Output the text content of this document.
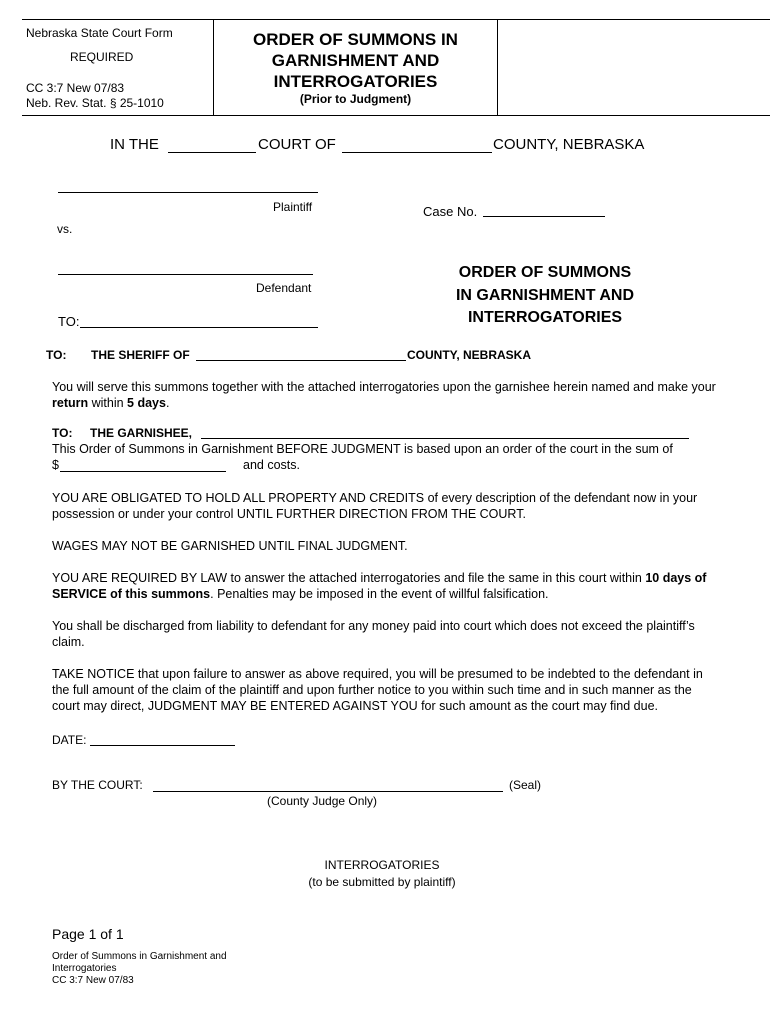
Nebraska State Court Form
REQUIRED
CC 3:7 New 07/83
Neb. Rev. Stat. § 25-1010
ORDER OF SUMMONS IN
GARNISHMENT AND
INTERROGATORIES
(Prior to Judgment)
IN THE	COURT OF	COUNTY, NEBRASKA
Plaintiff
vs.
Defendant
TO:
Case No.
ORDER OF SUMMONS
IN GARNISHMENT AND
INTERROGATORIES
TO: THE SHERIFF OF	COUNTY, NEBRASKA
You will serve this summons together with the attached interrogatories upon the garnishee herein named and make your return within 5 days.
TO: THE GARNISHEE,
This Order of Summons in Garnishment BEFORE JUDGMENT is based upon an order of the court in the sum of
$	and costs.
YOU ARE OBLIGATED TO HOLD ALL PROPERTY AND CREDITS of every description of the defendant now in your possession or under your control UNTIL FURTHER DIRECTION FROM THE COURT.
WAGES MAY NOT BE GARNISHED UNTIL FINAL JUDGMENT.
YOU ARE REQUIRED BY LAW to answer the attached interrogatories and file the same in this court within 10 days of SERVICE of this summons. Penalties may be imposed in the event of willful falsification.
You shall be discharged from liability to defendant for any money paid into court which does not exceed the plaintiff’s claim.
TAKE NOTICE that upon failure to answer as above required, you will be presumed to be indebted to the defendant in the full amount of the claim of the plaintiff and upon further notice to you within such time and in such manner as the court may direct, JUDGMENT MAY BE ENTERED AGAINST YOU for such amount as the court may find due.
DATE:
BY THE COURT:	(Seal)
(County Judge Only)
INTERROGATORIES
(to be submitted by plaintiff)
Page 1 of 1
Order of Summons in Garnishment and
Interrogatories
CC 3:7 New 07/83
